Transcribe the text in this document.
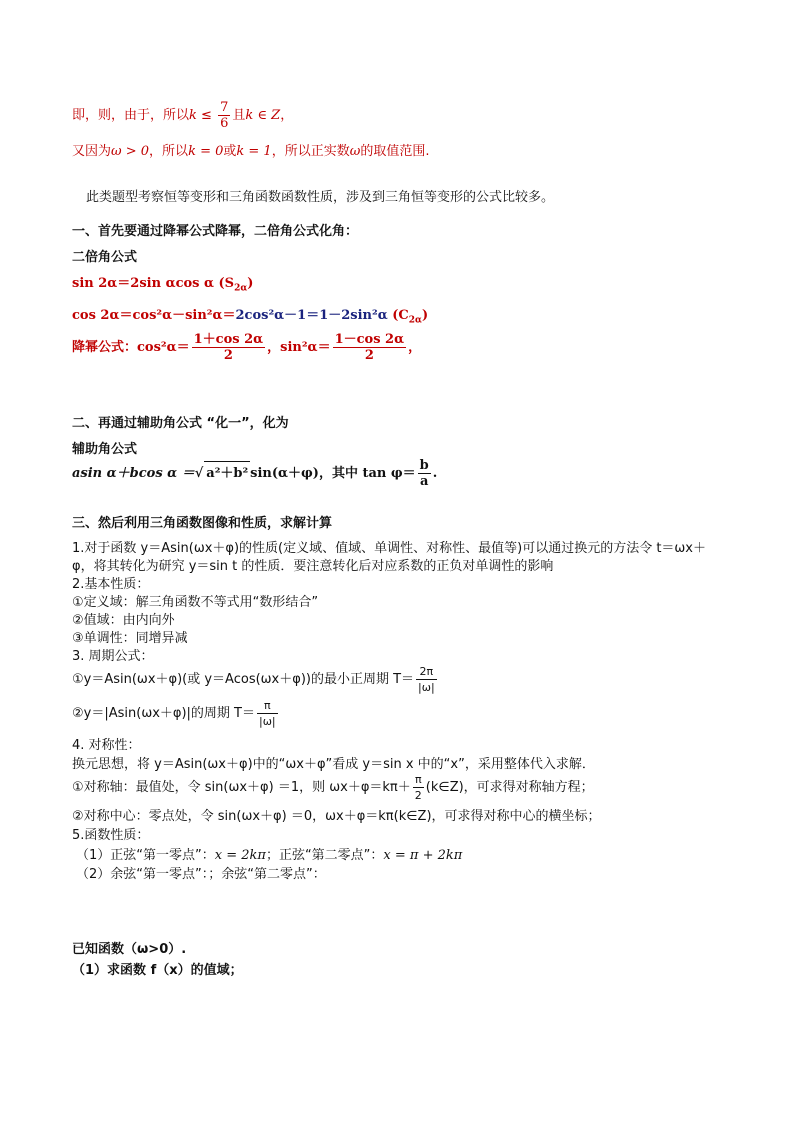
即，则，由于，所以$k \le \frac{7}{6}$ 且k ∈ Z，
又因为ω > 0，所以k = 0或k = 1，所以正实数ω的取值范围.
此类题型考察恒等变形和三角函数函数性质，涉及到三角恒等变形的公式比较多。
一、首先要通过降幂公式降幂，二倍角公式化角：
二倍角公式
sin 2α＝2sin αcos α $(S_{2\alpha})$
cos 2α＝cos²α－sin²α＝2cos²α－1＝1－2sin²α $(C_{2\alpha})$
降幂公式：$\cos^2\alpha= \frac{1+\cos 2\alpha}{2}$ ，$\sin^2\alpha= \frac{1-\cos 2\alpha}{2}$ ，
二、再通过辅助角公式 “化一”，化为
辅助角公式
asin α＋bcos α ＝√ a²＋b² sin(α＋φ)，其中 $\tan \varphi= \frac{b}{a}$ .
三、然后利用三角函数图像和性质，求解计算
1.对于函数 y＝Asin(ωx＋φ)的性质(定义域、值域、单调性、对称性、最值等)可以通过换元的方法令 t＝ωx＋
φ，将其转化为研究 y＝sin t 的性质．要注意转化后对应系数的正负对单调性的影响
2.基本性质：
①定义域：解三角函数不等式用“数形结合”
②值域：由内向外
③单调性：同增异减
3. 周期公式：
①y＝Asin(ωx＋φ)(或 y＝Acos(ωx＋φ))的最小正周期 $T= \frac{2\pi}{|\omega|}$
②y＝|Asin(ωx＋φ)|的周期 $T= \frac{\pi}{|\omega|}$
4. 对称性：
换元思想，将 y＝Asin(ωx＋φ)中的“ωx＋φ”看成 y＝sin x 中的“x”，采用整体代入求解．
①对称轴：最值处，令 sin(ωx＋φ) ＝1，则 $\omega x+\varphi=k\pi+ \frac{\pi}{2}$ (k∈Z)，可求得对称轴方程；
②对称中心：零点处，令 sin(ωx＋φ) ＝0，ωx＋φ＝kπ(k∈Z)，可求得对称中心的横坐标；
5.函数性质：
（1）正弦“第一零点”：x = 2kπ；正弦“第二零点”：x = π + 2kπ
（2）余弦“第一零点”：；余弦“第二零点”：
已知函数（ω>0）.
（1）求函数 f（x）的值域；
